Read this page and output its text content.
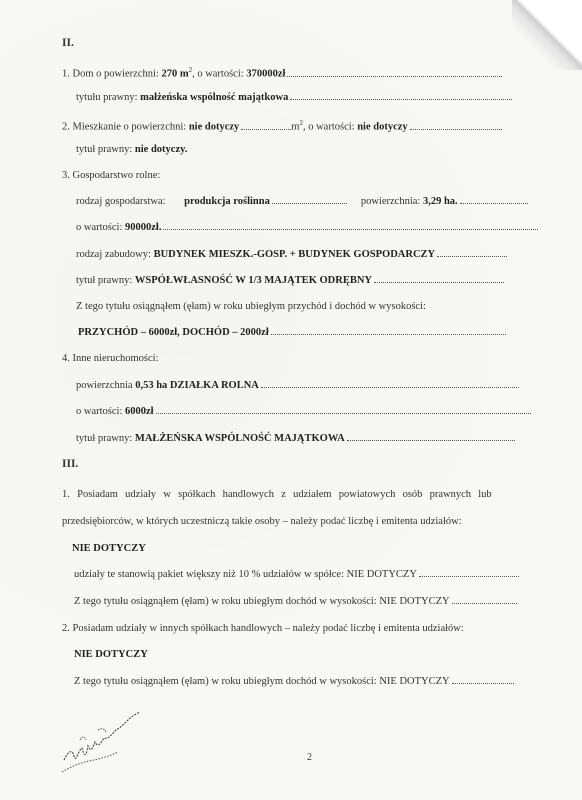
II.
1. Dom o powierzchni: 270 $m^2$, o wartości: 370000zł
tytułu prawny: małżeńska wspólność majątkowa
2. Mieszkanie o powierzchni: nie dotyczy	$m^2$, o wartości: nie dotyczy
tytuł prawny: nie dotyczy.
3. Gospodarstwo rolne:
rodzaj gospodarstwa: produkcja roślinna	powierzchnia: 3,29 ha.
o wartości: 90000zł.
rodzaj zabudowy: BUDYNEK MIESZK.-GOSP. + BUDYNEK GOSPODARCZY
tytuł prawny: WSPÓŁWŁASNOŚĆ W 1/3 MAJĄTEK ODRĘBNY
Z tego tytułu osiągnąłem (ęłam) w roku ubiegłym przychód i dochód w wysokości:
PRZYCHÓD – 6000zł, DOCHÓD – 2000zł
4. Inne nieruchomości:
powierzchnia 0,53 ha DZIAŁKA ROLNA
o wartości: 6000zł
tytuł prawny: MAŁŻEŃSKA WSPÓLNOŚĆ MAJĄTKOWA
III.
1. Posiadam udziały w spółkach handlowych z udziałem powiatowych osób prawnych lub
przedsiębiorców, w których uczestniczą takie osoby – należy podać liczbę i emitenta udziałów:
NIE DOTYCZY
udziały te stanowią pakiet większy niż 10 % udziałów w spółce: NIE DOTYCZY
Z tego tytułu osiągnąłem (ęłam) w roku ubiegłym dochód w wysokości: NIE DOTYCZY
2. Posiadam udziały w innych spółkach handlowych – należy podać liczbę i emitenta udziałów:
NIE DOTYCZY
Z tego tytułu osiągnąłem (ęłam) w roku ubiegłym dochód w wysokości: NIE DOTYCZY
2
